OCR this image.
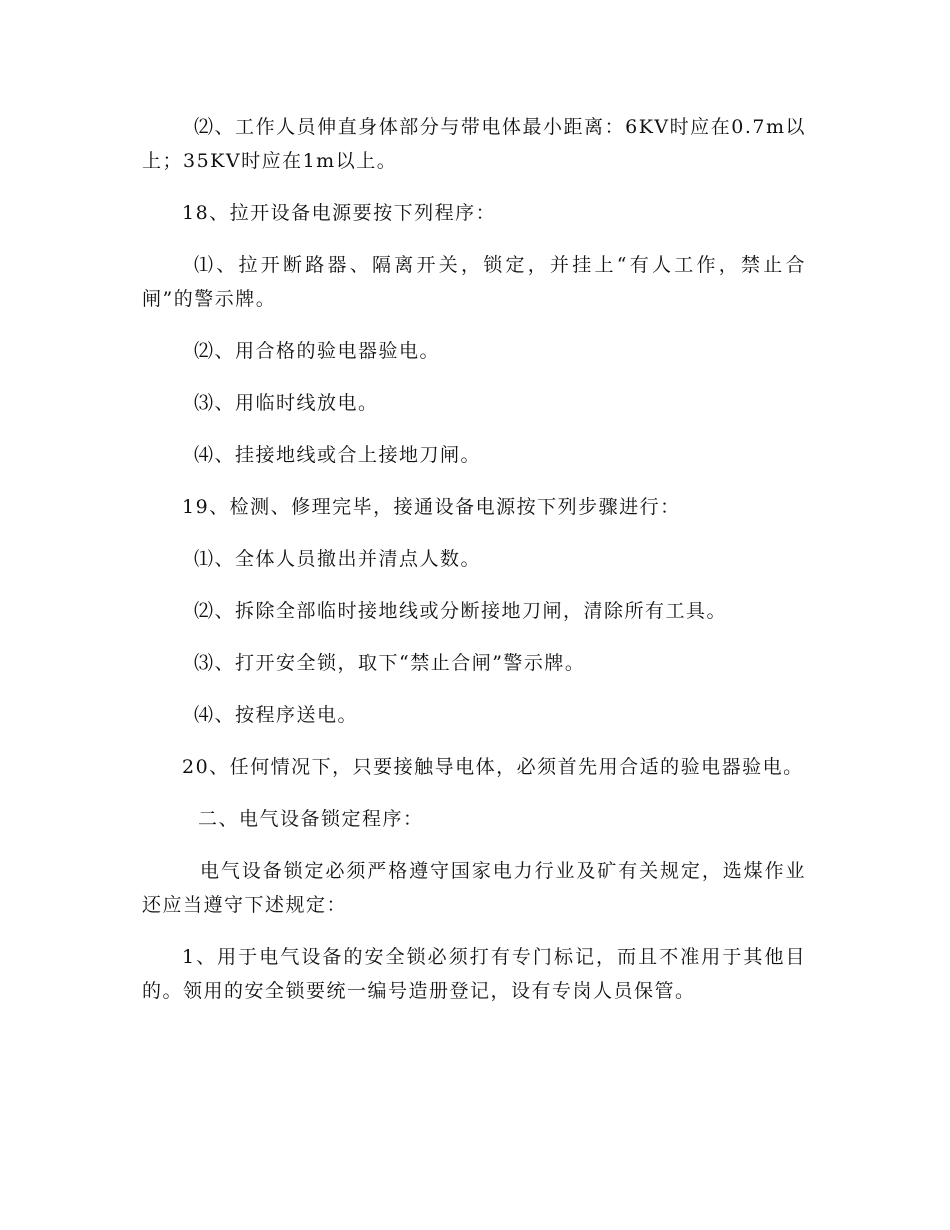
⑵、工作人员伸直身体部分与带电体最小距离：6KV时应在0.7m以上；35KV时应在1m以上。

18、拉开设备电源要按下列程序：

⑴、拉开断路器、隔离开关，锁定，并挂上“有人工作，禁止合闸”的警示牌。

⑵、用合格的验电器验电。

⑶、用临时线放电。

⑷、挂接地线或合上接地刀闸。

19、检测、修理完毕，接通设备电源按下列步骤进行：

⑴、全体人员撤出并清点人数。

⑵、拆除全部临时接地线或分断接地刀闸，清除所有工具。

⑶、打开安全锁，取下“禁止合闸”警示牌。

⑷、按程序送电。

20、任何情况下，只要接触导电体，必须首先用合适的验电器验电。

二、电气设备锁定程序：

电气设备锁定必须严格遵守国家电力行业及矿有关规定，选煤作业还应当遵守下述规定：

1、用于电气设备的安全锁必须打有专门标记，而且不准用于其他目的。领用的安全锁要统一编号造册登记，设有专岗人员保管。
